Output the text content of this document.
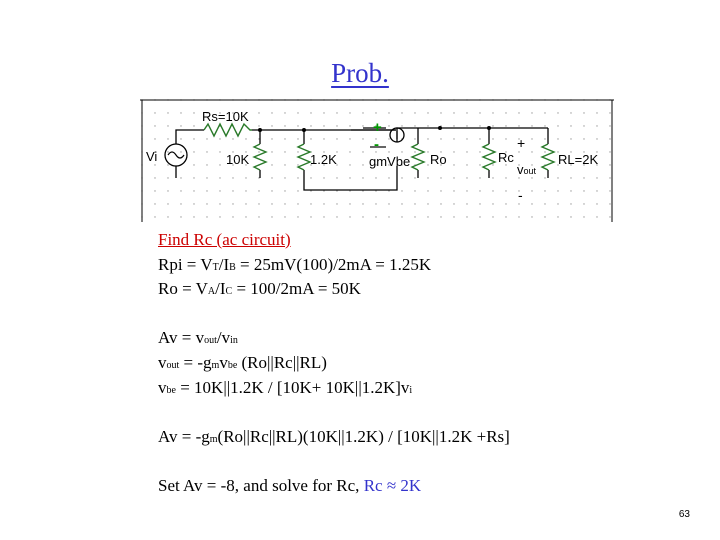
Prob.
Rs=10K
Vi	10K	1.2K
+
-
gmVbe Ro	Rc	RL=2K
+
vout
-
Find Rc (ac circuit)
Rpi = VT/IB = 25mV(100)/2mA = 1.25K
Ro = VA/IC = 100/2mA = 50K
Av = vout/vin
vout = -gmvbe (Ro||Rc||RL)
vbe = 10K||1.2K / [10K+ 10K||1.2K]vi
Av = -gm(Ro||Rc||RL)(10K||1.2K) / [10K||1.2K +Rs]
Set Av = -8, and solve for Rc, Rc ≈ 2K
63
